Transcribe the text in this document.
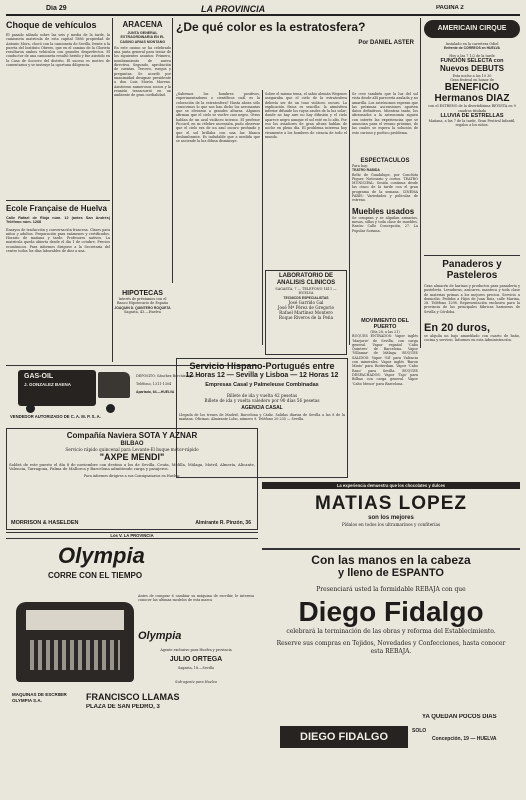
Día 29	LA PROVINCIA	PAGINA 2
Choque de vehículos
El pasado sábado sobre las seis y media de la tarde, la camioneta matrícula de esta capital 1886 propiedad de Antonio Mora, chocó con la camioneta de Sevilla, frente a la puerta del Instituto Obrero, que en el camino de la Glorieta resultaron ambos vehículos con grandes desperfectos. El conductor de una camioneta resultó herido y fue asistido en la Casa de Socorro del distrito. El suceso es motivo de comentarios y se instruye la oportuna diligencia.
Ecole Française de Huelva
Calle Rafael de Rioja núm. 12 (antes San Andrés) Teléfono núm. 1268
Ensayos de traducción y conversación francesa. Clases para niños y adultos. Preparación para exámenes y certificados. Horario de mañana y tarde. Profesores nativos. La matrícula queda abierta desde el día 1 de octubre. Precios económicos. Para informes dirigirse a la Secretaría del centro todos los días laborables de diez a una.
ARACENA
JUNTA GENERAL EXTRAORDINARIA EN EL CASINO ARIAS MONTANO
En este casino se ha celebrado una junta general para tratar de los siguientes asuntos: Primero, nombramiento de nueva directiva. Segundo, aprobación de cuentas. Tercero, ruegos y preguntas. Se acordó por unanimidad designar presidente a don Luis Morón Moreno. Asistieron numerosos socios y la reunión transcurrió en un ambiente de gran cordialidad.
HIPOTECAS
Interés de préstamos con el
Banco Hipotecario de España
JOAQUIN D. QUINTERO ROQUETA
Sagasta, 43.—Huelva
GAS-OIL
J. GONZALEZ BAENA
VENDEDOR AUTORIZADO DE C. A. M. P. S. A.
DEPOSITO: Sánchez Barcáiztegui, 18
Teléfono, 1311-1304
Apartado, 64.—HUELVA
¿De qué color es la estratosfera?
Por DANIEL ASTER
¿Sabemos los hombres positivos, experimentadores o científicos cuál es la coloración de la estratosfera? Hasta ahora sólo conocemos lo que nos han dicho los aeronautas que se elevaron a grandes alturas. Algunos afirman que el cielo se vuelve casi negro. Otros hablan de un azul violáceo intenso. El profesor Piccard, en su célebre ascensión, pudo observar que el cielo era de un azul oscuro profundo y que el sol brillaba con una luz blanca deslumbrante. Es indudable que a medida que se asciende la luz difusa disminuye.
Sobre el mismo tema, el sabio alemán Wegener aseguraba que el cielo de la estratosfera debería ser de un tono violáceo oscuro. La explicación física es sencilla: la atmósfera inferior difunde los rayos azules de la luz solar; donde no hay aire no hay difusión y el cielo aparece negro aunque el sol esté en lo alto. Por eso los aviadores de gran altura hablan de noche en pleno día. El problema interesa hoy vivamente a los hombres de ciencia de todo el mundo.
Se cree también que la luz del sol vista desde allí parecería azulada y no amarilla. Los astrónomos esperan que las próximas ascensiones aporten datos definitivos. Mientras tanto, los aficionados a la astronomía siguen con interés las experiencias que se anuncian para el verano próximo, de las cuales se espera la solución de este curioso y poético problema.
ESPECTACULOS
Para hoy:
TEATRO RABIDA
Beltz de Guadalupe, por Conchita Piquer. Noticiario y cortos. TEATRO MUNICIPAL: Sesión continua desde las cinco de la tarde con el gran programa de la semana. CINEMA PARIS: Variedades y películas de estreno.
Muebles usados
Se compran y se alquilan armarios, mesas, sillas y toda clase de muebles. Razón: Calle Concepción, 27. La Popular Soriana.
MOVIMIENTO DEL PUERTO
(Día 28, a las 21)
BUQUES ENTRADOS: Vapor inglés 'Marjorie' de Sevilla, con carga general. Vapor español 'Cabo Quintres' de Barcelona. Vapor 'Villamar' de Málaga. BUQUES SALIDOS: Vapor 'Sil' para Valencia con minerales. Vapor inglés 'Baron Minto' para Rotterdam. Vapor 'Cabo Razo' para Sevilla. BUQUES DESPACHADOS: Vapor 'Tajo' para Bilbao con carga general. Vapor 'Cabo Menor' para Barcelona.
LABORATORIO DE ANALISIS CLINICOS
SAGASTA, 7 — TELEFONO 1411 — HUELVA
TECNICOS ESPECIALISTAS
José Garrido Gal
José Mª Pérez de Gregorio
Rafael Martínez Montero
Roque Riveros de la Peña
Servicio Hispano-Portugués entre
12 Horas 12 — Sevilla y Lisboa — 12 Horas 12
Empresas Casal y Palmeleuse Combinadas
Billete de ida y vuelta 42 pesetas
Billete de ida y vuelta valedero por 90 días 56 pesetas
AGENCIA CASAL
Llegada de los trenes de Madrid, Barcelona y Cádiz. Salidas diarias de Sevilla a las 8 de la mañana. Oficinas: Almirante Lobo, número 9. Teléfono 20.235 — Sevilla.
AMERICAIN CIRQUE
Instalado en la carretera Odiel
Enfrente de CORREOS en HUELVA
Hoy a las 7 1/2 de la tarde
FUNCIÓN SELECTA con
Nuevos DEBUTS
Esta noche a las 10 30
Gran festival en honor de
BENEFICIO
Hermanos DIAZ
con el ESTRENO de la divertidísima REVISTA en 9 cuadros titulada
LLUVIA DE ESTRELLAS
Mañana, a las 7 de la tarde, Gran Festival Infantil, regalos a los niños.
Panaderos y Pasteleros
Gran almacén de harinas y productos para panadería y pastelería. Levaduras, azúcares, manteca y toda clase de materias primas a los mejores precios. Servicio a domicilio. Pedidos a Hijos de Juan Ruiz, calle Marina, 28. Teléfono 1298. Representación exclusiva para la provincia de las principales fábricas harineras de Sevilla y Córdoba.
En 20 duros,
se alquila un bajo amueblado con cuarto de baño, cocina y servicio. Informes en esta Administración.
Compañía Naviera SOTA Y AZNAR
BILBAO
Servicio rápido quincenal para Levante-El buque motor-rápido
"AXPE MENDI"
Saldrá de este puerto el día 8 de noviembre con destino a los de Sevilla, Ceuta, Melilla, Málaga, Motril, Almería, Alicante, Valencia, Tarragona, Palma de Mallorca y Barcelona admitiendo carga y pasajeros.
Para informes dirigirse a sus Consignatarios en Huelva:
MORRISON & HASELDEN	Almirante R. Pinzón, 36
La experiencia demuestra que los chocolates y dulces
MATIAS LOPEZ
son los mejores
Pídalos en todos los ultramarinos y confiterías
Los V. LA PROVINCIA
Olympia
CORRE CON EL TIEMPO
Antes de comprar 6 cambiar su máquina de escribir, le interesa conocer las ultimas modelos de esta marca
Olympia
Agente exclusivo para Huelva y provincia
JULIO ORTEGA
Sagasta, 18.—Sevilla
Sub-agente para Huelva
FRANCISCO LLAMAS
PLAZA DE SAN PEDRO, 3
MAQUINAS DE ESCRIBIR OLYMPIA S.A.
Con las manos en la cabeza
y lleno de ESPANTO
Presenciará usted la formidable REBAJA con que
Diego Fidalgo
celebrará la terminación de las obras y reforma del Establecimiento.
Reserve sus compras en Tejidos, Novedades y Confecciones, hasta conocer esta REBAJA.
YA QUEDAN POCOS DIAS
DIEGO FIDALGO	SOLO
Concepción, 19 — HUELVA
